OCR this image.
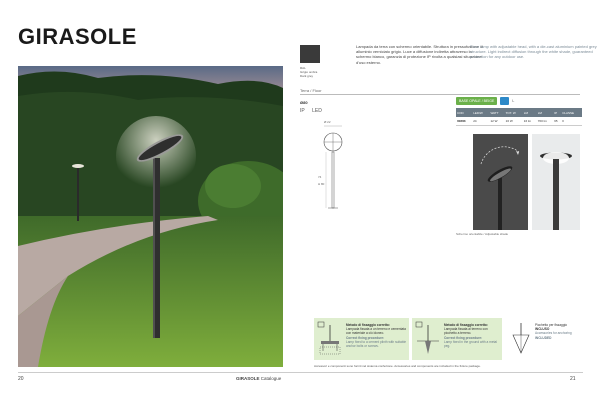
GIRASOLE
RAL
Grigio ombra
Dark grey
Lampada da terra con schermo orientabile. Struttura in pressofusione di alluminio verniciato grigio. Luce a diffusione indiretta attraverso lo schermo bianco, garanzia di protezione IP rivolta a qualsiasi situazione d'uso esterno.
Floor lamp with adjustable head, with a die-cast aluminium painted grey structure. Light indirect diffusion through the white shade, guaranteed protection for any outdoor use.
Terra / Floor
Ø80
IP LED
Ø 22
74
H 80
BASE OPALE / BEIGE	L
COD	LED/W	WATT	TOT. W	LM	LM	IP	CLASSE
0080K	24	12 W	16 W	16 lm	760 lm	65	II
Schermo orientabile / Adjustable shade
Metodo di fissaggio corretto:
Lampada fissata a un terreno e cementata con materiale a ciò idoneo.
Correct fixing procedure:
Lamp fixed to a cement plinth with suitable anchor bolts or screws.
Metodo di fissaggio corretto:
Lampada fissata al terreno con picchetto a terreno.
Correct fixing procedure:
Lamp fixed in the ground with a metal peg.
Picchetto per fissaggio
INCLUSO
Accessories for anchoring
INCLUDED
Accessori e componenti sono forniti nel sistema confezione. Accessories and components are included in the fixture package.
20	GIRASOLE Catalogue	21
